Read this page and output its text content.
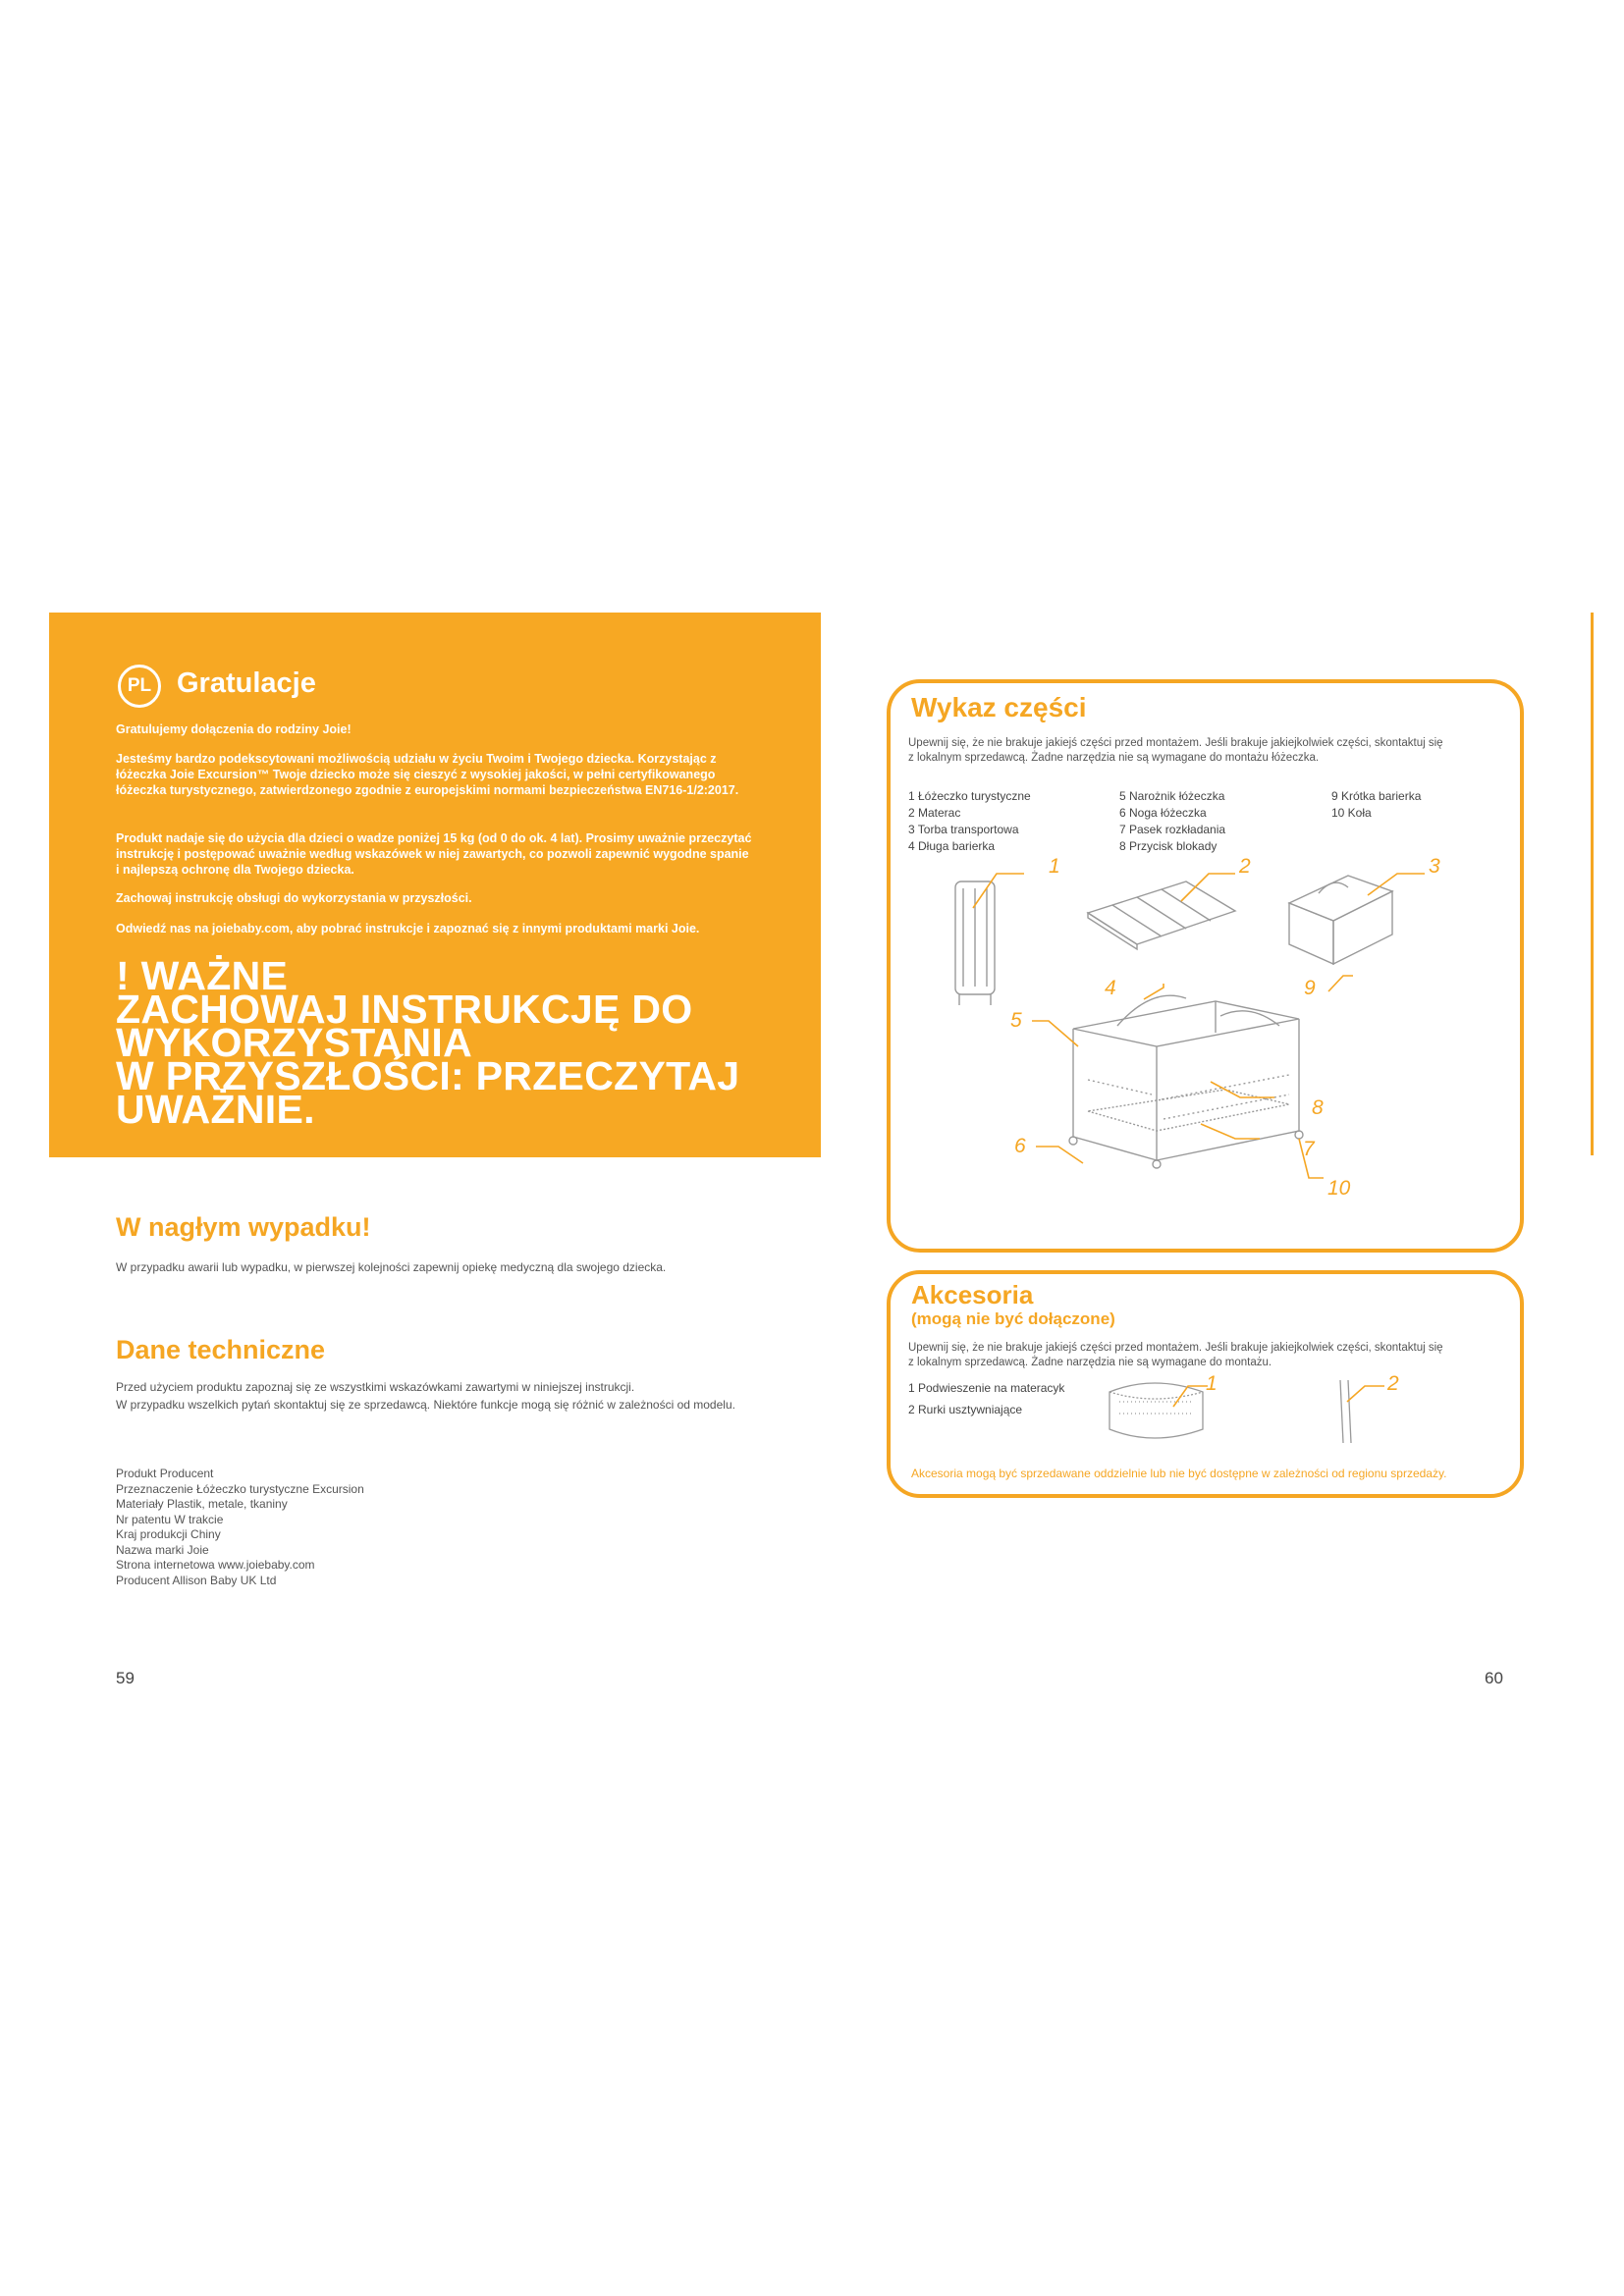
PL Gratulacje

Gratulujemy dołączenia do rodziny Joie!

Jesteśmy bardzo podekscytowani możliwością udziału w życiu Twoim i Twojego dziecka. Korzystając z łóżeczka Joie Excursion™ Twoje dziecko może się cieszyć z wysokiej jakości, w pełni certyfikowanego łóżeczka turystycznego, zatwierdzonego zgodnie z europejskimi normami bezpieczeństwa EN716-1/2:2017.

Produkt nadaje się do użycia dla dzieci o wadze poniżej 15 kg (od 0 do ok. 4 lat). Prosimy uważnie przeczytać instrukcję i postępować uważnie według wskazówek w niej zawartych, co pozwoli zapewnić wygodne spanie i najlepszą ochronę dla Twojego dziecka.

Zachowaj instrukcję obsługi do wykorzystania w przyszłości.

Odwiedź nas na joiebaby.com, aby pobrać instrukcje i zapoznać się z innymi produktami marki Joie.

! WAŻNE
ZACHOWAJ INSTRUKCJĘ DO
WYKORZYSTANIA
W PRZYSZŁOŚCI: PRZECZYTAJ
UWAŻNIE.
W nagłym wypadku!

W przypadku awarii lub wypadku, w pierwszej kolejności zapewnij opiekę medyczną dla swojego dziecka.

Dane techniczne

Przed użyciem produktu zapoznaj się ze wszystkimi wskazówkami zawartymi w niniejszej instrukcji.

W przypadku wszelkich pytań skontaktuj się ze sprzedawcą. Niektóre funkcje mogą się różnić w zależności od modelu.

Produkt Producent
Przeznaczenie Łóżeczko turystyczne Excursion
Materiały Plastik, metale, tkaniny
Nr patentu W trakcie
Kraj produkcji Chiny
Nazwa marki Joie
Strona internetowa www.joiebaby.com
Producent Allison Baby UK Ltd
59
Wykaz części

Upewnij się, że nie brakuje jakiejś części przed montażem. Jeśli brakuje jakiejkolwiek części, skontaktuj się

z lokalnym sprzedawcą. Żadne narzędzia nie są wymagane do montażu łóżeczka.

1 Łóżeczko turystyczne
2 Materac
3 Torba transportowa
4 Długa barierka
5 Narożnik łóżeczka
6 Noga łóżeczka
7 Pasek rozkładania
8 Przycisk blokady
9 Krótka barierka
10 Koła
1	2	3
4
5
6	7
8
9
10
Akcesoria
(mogą nie być dołączone)

Upewnij się, że nie brakuje jakiejś części przed montażem. Jeśli brakuje jakiejkolwiek części, skontaktuj się

z lokalnym sprzedawcą. Żadne narzędzia nie są wymagane do montażu.

1 Podwieszenie na materacyk
2 Rurki usztywniające
1	2
Akcesoria mogą być sprzedawane oddzielnie lub nie być dostępne w zależności od regionu sprzedaży.
60
